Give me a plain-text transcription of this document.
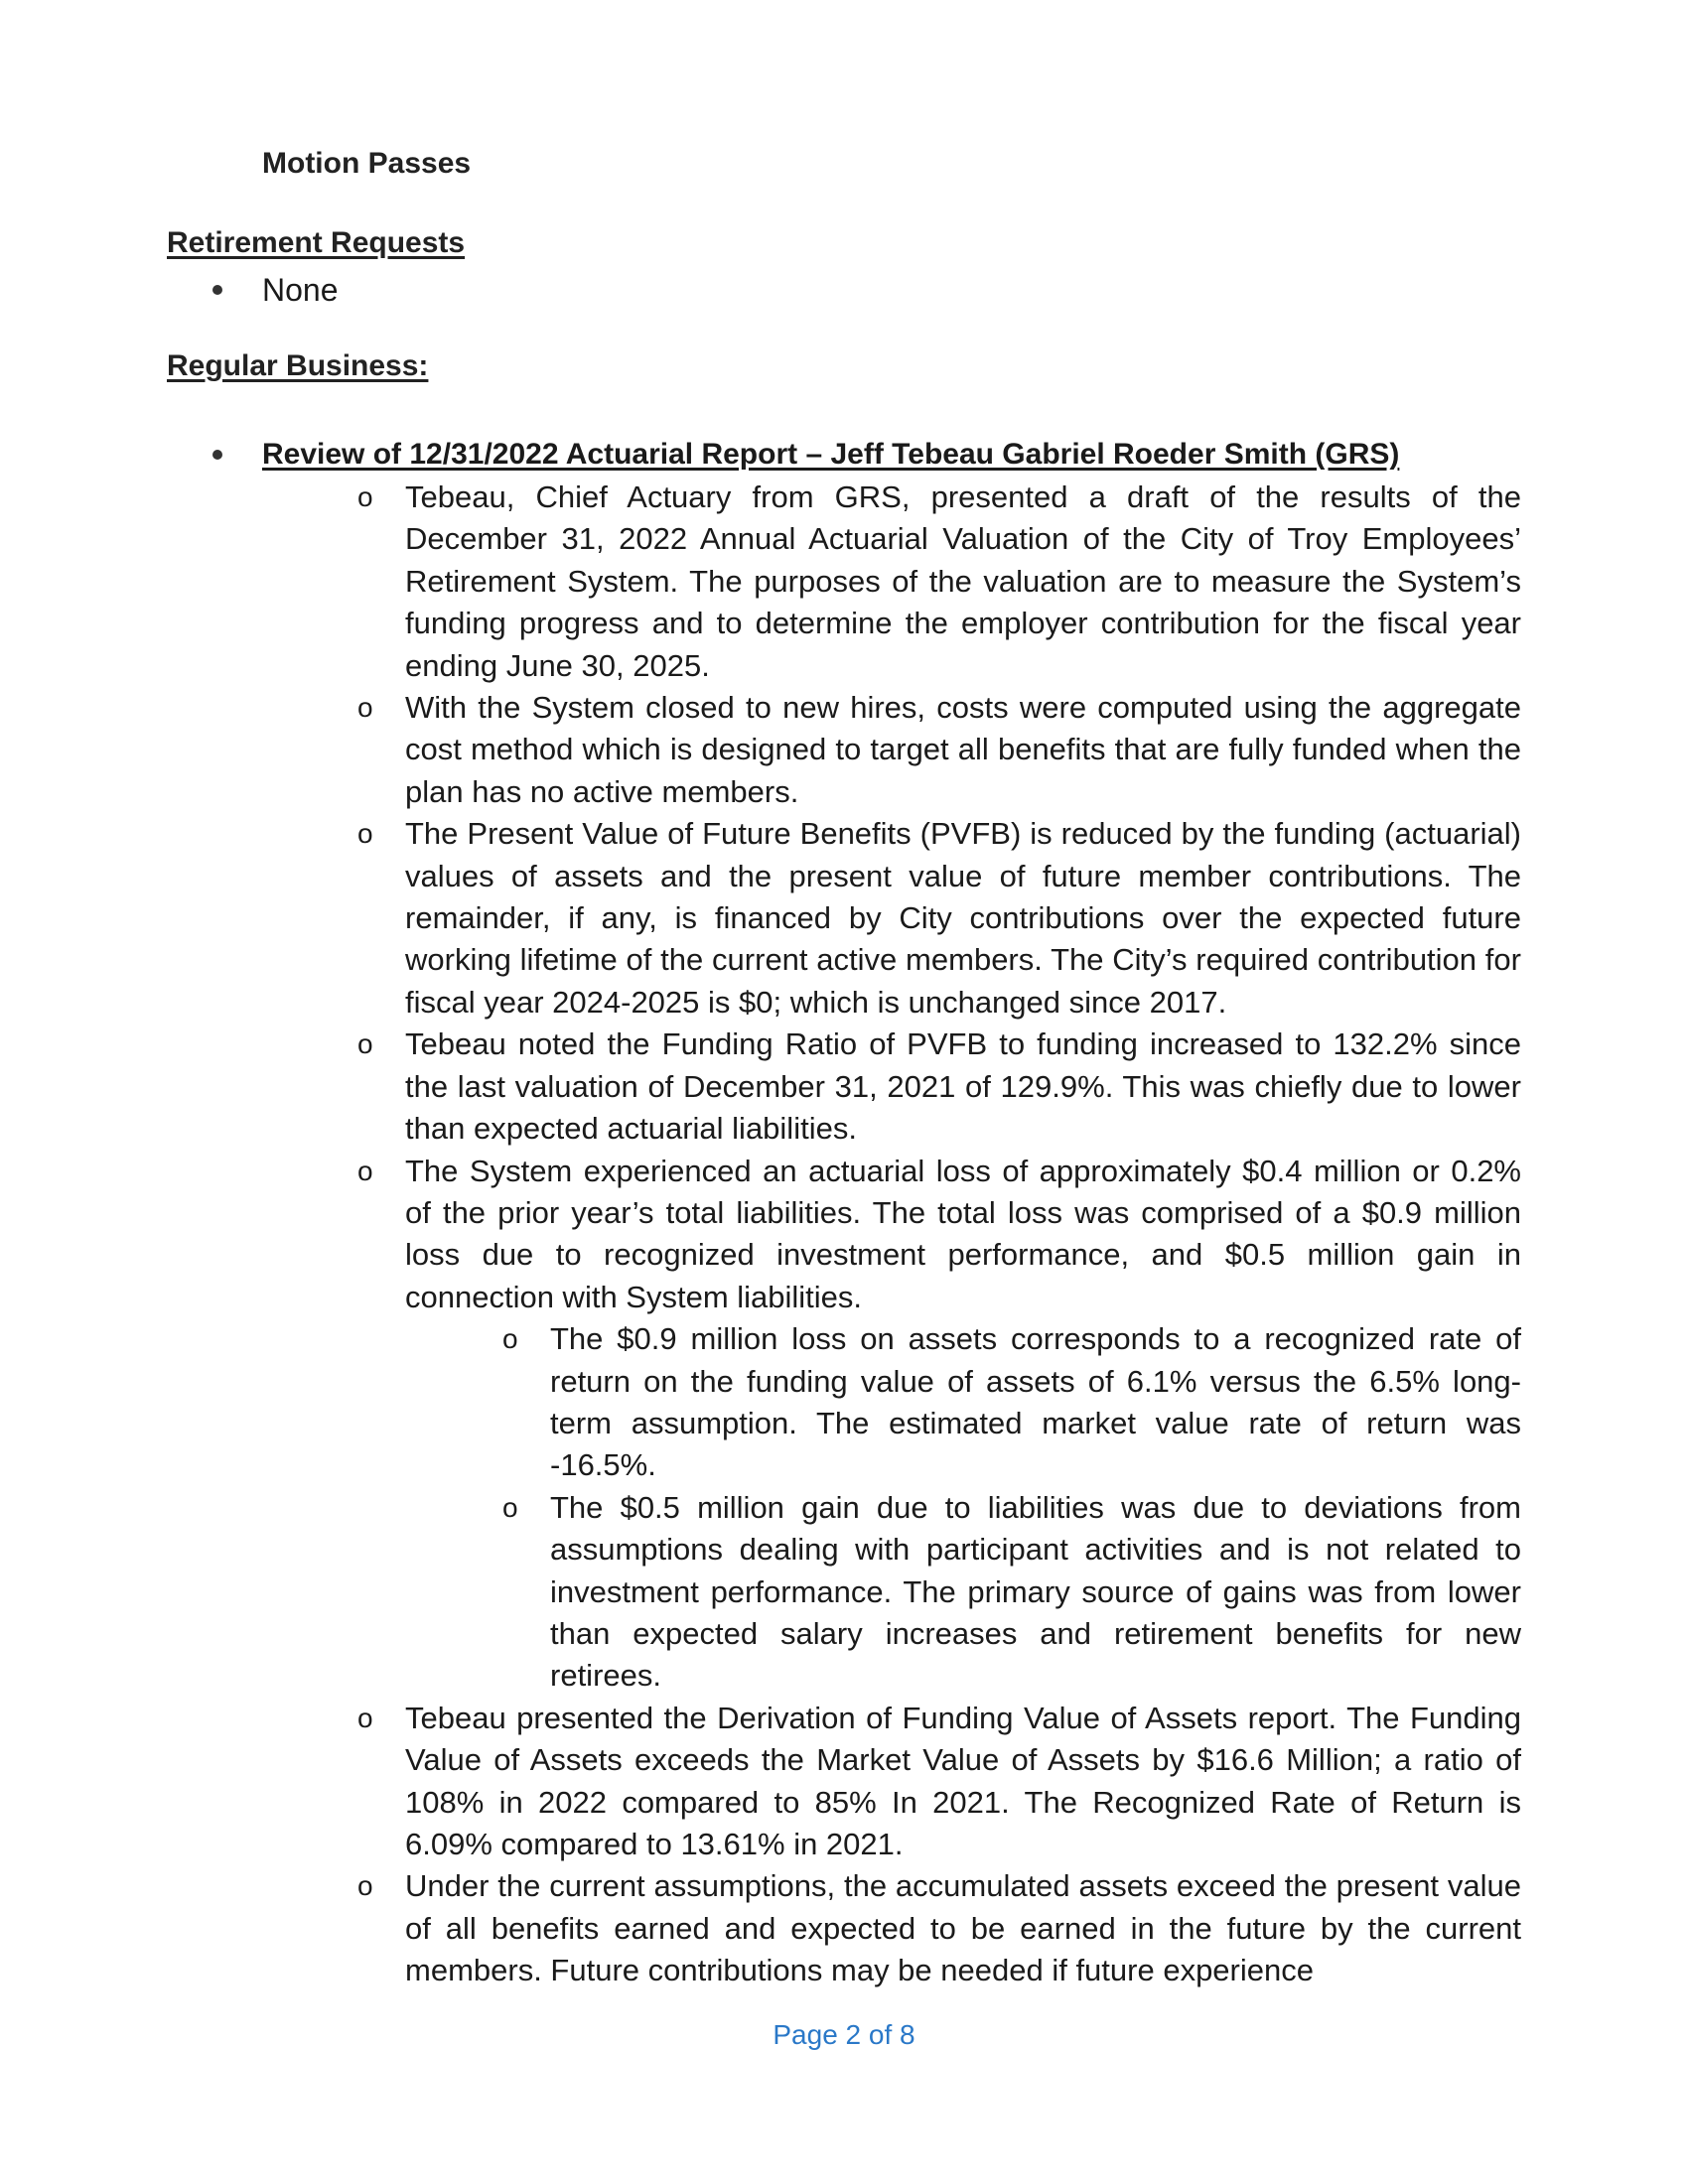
Motion Passes
Retirement Requests
None
Regular Business:
Review of 12/31/2022 Actuarial Report – Jeff Tebeau Gabriel Roeder Smith (GRS)
o Tebeau, Chief Actuary from GRS, presented a draft of the results of the December 31, 2022 Annual Actuarial Valuation of the City of Troy Employees’ Retirement System. The purposes of the valuation are to measure the System’s funding progress and to determine the employer contribution for the fiscal year ending June 30, 2025.
o With the System closed to new hires, costs were computed using the aggregate cost method which is designed to target all benefits that are fully funded when the plan has no active members.
o The Present Value of Future Benefits (PVFB) is reduced by the funding (actuarial) values of assets and the present value of future member contributions. The remainder, if any, is financed by City contributions over the expected future working lifetime of the current active members. The City’s required contribution for fiscal year 2024-2025 is $0; which is unchanged since 2017.
o Tebeau noted the Funding Ratio of PVFB to funding increased to 132.2% since the last valuation of December 31, 2021 of 129.9%. This was chiefly due to lower than expected actuarial liabilities.
o The System experienced an actuarial loss of approximately $0.4 million or 0.2% of the prior year’s total liabilities. The total loss was comprised of a $0.9 million loss due to recognized investment performance, and $0.5 million gain in connection with System liabilities.
o The $0.9 million loss on assets corresponds to a recognized rate of return on the funding value of assets of 6.1% versus the 6.5% long-term assumption. The estimated market value rate of return was -16.5%.
o The $0.5 million gain due to liabilities was due to deviations from assumptions dealing with participant activities and is not related to investment performance. The primary source of gains was from lower than expected salary increases and retirement benefits for new retirees.
o Tebeau presented the Derivation of Funding Value of Assets report. The Funding Value of Assets exceeds the Market Value of Assets by $16.6 Million; a ratio of 108% in 2022 compared to 85% In 2021. The Recognized Rate of Return is 6.09% compared to 13.61% in 2021.
o Under the current assumptions, the accumulated assets exceed the present value of all benefits earned and expected to be earned in the future by the current members. Future contributions may be needed if future experience
Page 2 of 8
